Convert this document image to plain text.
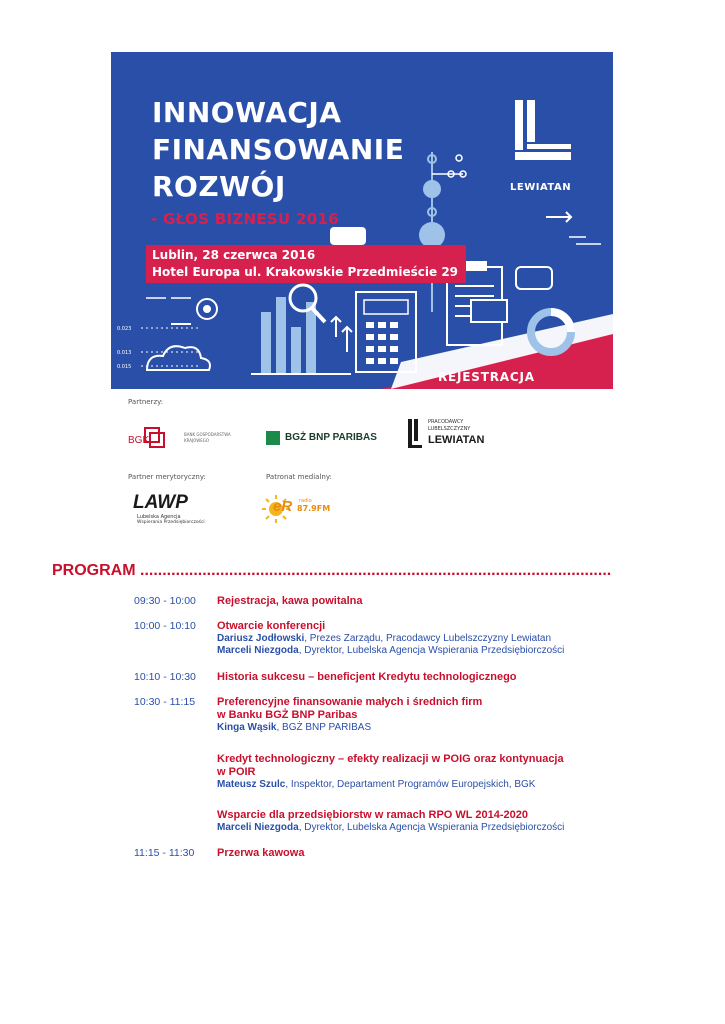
0.023
0.013
0.015
INNOWACJA
FINANSOWANIE
ROZWÓJ
- GŁOS BIZNESU 2016
Lublin, 28 czerwca 2016
Hotel Europa ul. Krakowskie Przedmieście 29
LEWIATAN
REJESTRACJA
Partnerzy:
BGK
BANK GOSPODARSTWA KRAJOWEGO	BGŻ BNP PARIBAS
PRACODAWCY
LUBELSZCZYZNY
LEWIATAN
Partner merytoryczny:	Patronat medialny:
LAWP
Lubelska Agencja
Wspierania Przedsiębiorczości
eR radio
87.9FM
PROGRAM ..........................................................................................................
09:30 - 10:00 Rejestracja, kawa powitalna
10:00 - 10:10 Otwarcie konferencji
Dariusz Jodłowski, Prezes Zarządu, Pracodawcy Lubelszczyzny Lewiatan
Marceli Niezgoda, Dyrektor, Lubelska Agencja Wspierania Przedsiębiorczości
10:10 - 10:30 Historia sukcesu – beneficjent Kredytu technologicznego
10:30 - 11:15 Preferencyjne finansowanie małych i średnich firm
w Banku BGŻ BNP Paribas
Kinga Wąsik, BGŻ BNP PARIBAS
Kredyt technologiczny – efekty realizacji w POIG oraz kontynuacja
w POIR
Mateusz Szulc, Inspektor, Departament Programów Europejskich, BGK
Wsparcie dla przedsiębiorstw w ramach RPO WL 2014-2020
Marceli Niezgoda, Dyrektor, Lubelska Agencja Wspierania Przedsiębiorczości
11:15 - 11:30 Przerwa kawowa
